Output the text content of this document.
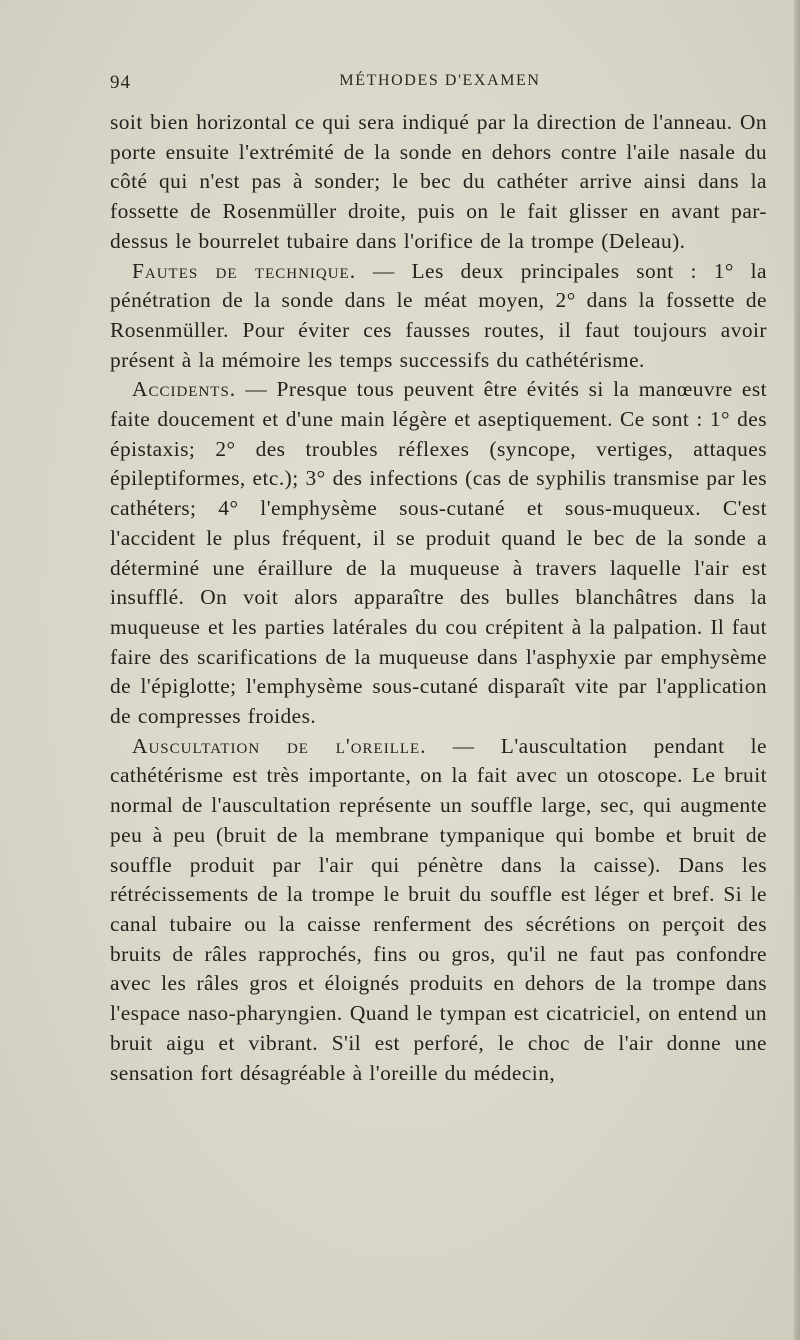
94	MÉTHODES D'EXAMEN

soit bien horizontal ce qui sera indiqué par la direction de l'anneau. On porte ensuite l'extrémité de la sonde en dehors contre l'aile nasale du côté qui n'est pas à sonder; le bec du cathéter arrive ainsi dans la fossette de Rosenmüller droite, puis on le fait glisser en avant par-dessus le bourrelet tubaire dans l'orifice de la trompe (Deleau).

Fautes de technique. — Les deux principales sont : 1° la pénétration de la sonde dans le méat moyen, 2° dans la fossette de Rosenmüller. Pour éviter ces fausses routes, il faut toujours avoir présent à la mémoire les temps successifs du cathétérisme.

Accidents. — Presque tous peuvent être évités si la manœuvre est faite doucement et d'une main légère et aseptiquement. Ce sont : 1° des épistaxis; 2° des troubles réflexes (syncope, vertiges, attaques épileptiformes, etc.); 3° des infections (cas de syphilis transmise par les cathéters; 4° l'emphysème sous-cutané et sous-muqueux. C'est l'accident le plus fréquent, il se produit quand le bec de la sonde a déterminé une éraillure de la muqueuse à travers laquelle l'air est insufflé. On voit alors apparaître des bulles blanchâtres dans la muqueuse et les parties latérales du cou crépitent à la palpation. Il faut faire des scarifications de la muqueuse dans l'asphyxie par emphysème de l'épiglotte; l'emphysème sous-cutané disparaît vite par l'application de compresses froides.

Auscultation de l'oreille. — L'auscultation pendant le cathétérisme est très importante, on la fait avec un otoscope. Le bruit normal de l'auscultation représente un souffle large, sec, qui augmente peu à peu (bruit de la membrane tympanique qui bombe et bruit de souffle produit par l'air qui pénètre dans la caisse). Dans les rétrécissements de la trompe le bruit du souffle est léger et bref. Si le canal tubaire ou la caisse renferment des sécrétions on perçoit des bruits de râles rapprochés, fins ou gros, qu'il ne faut pas confondre avec les râles gros et éloignés produits en dehors de la trompe dans l'espace naso-pharyngien. Quand le tympan est cicatriciel, on entend un bruit aigu et vibrant. S'il est perforé, le choc de l'air donne une sensation fort désagréable à l'oreille du médecin,
